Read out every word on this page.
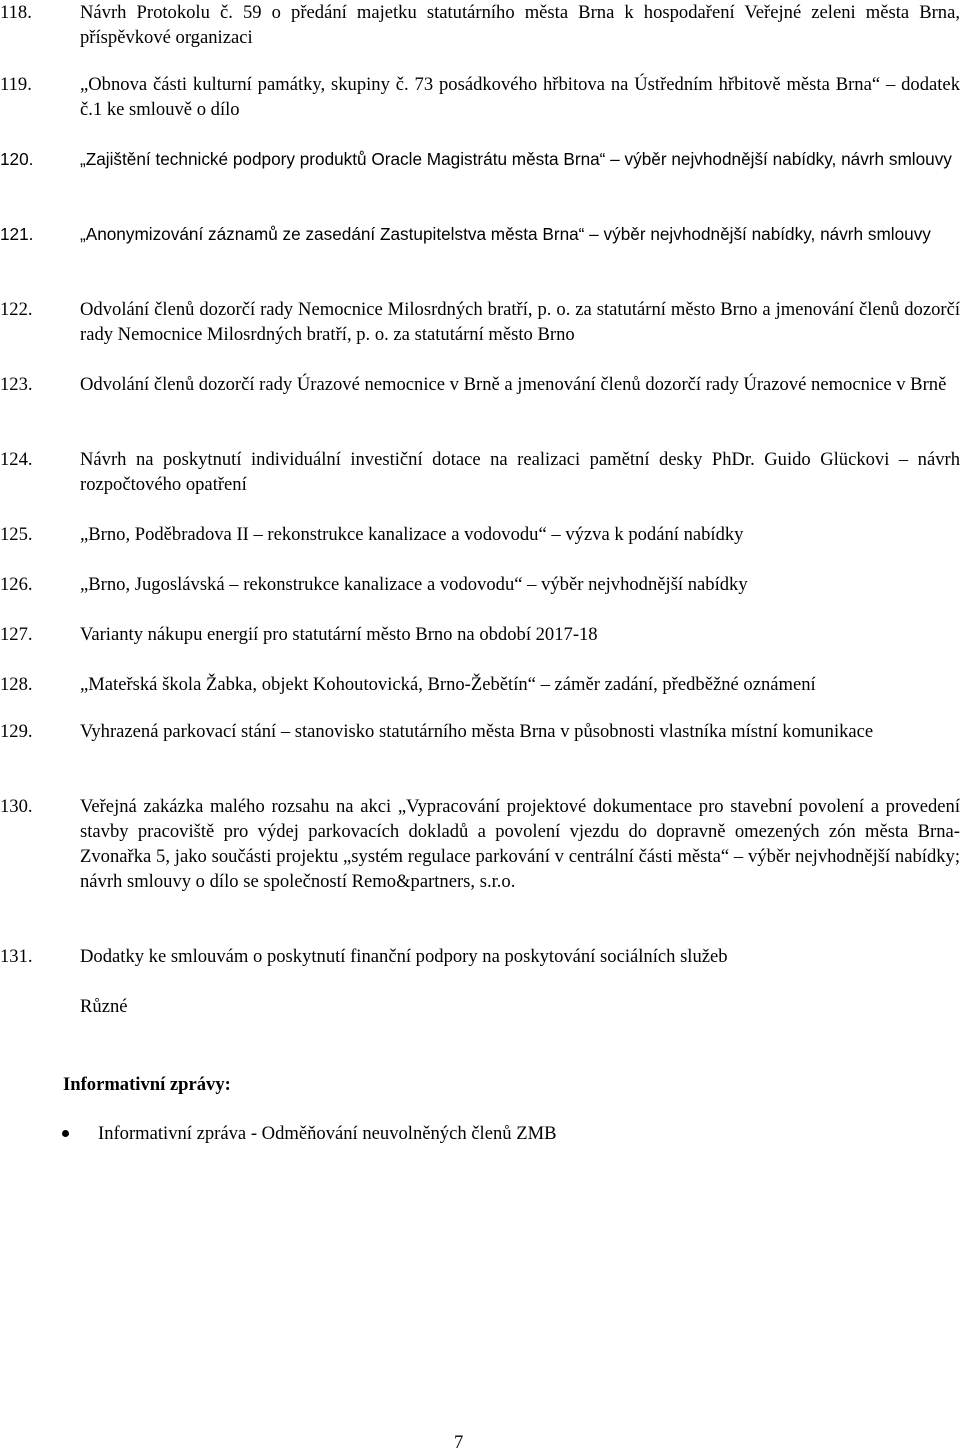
118.	Návrh Protokolu č. 59 o předání majetku statutárního města Brna k hospodaření Veřejné zeleni města Brna, příspěvkové organizaci
119.	„Obnova části kulturní památky, skupiny č. 73 posádkového hřbitova na Ústředním hřbitově města Brna“ – dodatek č.1 ke smlouvě o dílo
120.	„Zajištění technické podpory produktů Oracle Magistrátu města Brna“ – výběr nejvhodnější nabídky, návrh smlouvy
121.	„Anonymizování záznamů ze zasedání Zastupitelstva města Brna“ – výběr nejvhodnější nabídky, návrh smlouvy
122.	Odvolání členů dozorčí rady Nemocnice Milosrdných bratří, p. o. za statutární město Brno a jmenování členů dozorčí rady Nemocnice Milosrdných bratří, p. o. za statutární město Brno
123.	Odvolání členů dozorčí rady Úrazové nemocnice v Brně a jmenování členů dozorčí rady Úrazové nemocnice v Brně
124.	Návrh na poskytnutí individuální investiční dotace na realizaci pamětní desky PhDr. Guido Glückovi – návrh rozpočtového opatření
125.	„Brno, Poděbradova II – rekonstrukce kanalizace a vodovodu“ – výzva k podání nabídky
126.	„Brno, Jugoslávská – rekonstrukce kanalizace a vodovodu“ – výběr nejvhodnější nabídky
127.	Varianty nákupu energií pro statutární město Brno na období 2017-18
128.	„Mateřská škola Žabka, objekt Kohoutovická, Brno-Žebětín“ – záměr zadání, předběžné oznámení
129.	Vyhrazená parkovací stání – stanovisko statutárního města Brna v působnosti vlastníka místní komunikace
130.	Veřejná zakázka malého rozsahu na akci „Vypracování projektové dokumentace pro stavební povolení a provedení stavby pracoviště pro výdej parkovacích dokladů a povolení vjezdu do dopravně omezených zón města Brna- Zvonařka 5, jako součásti projektu „systém regulace parkování v centrální části města“ – výběr nejvhodnější nabídky; návrh smlouvy o dílo se společností Remo&partners, s.r.o.
131.	Dodatky ke smlouvám o poskytnutí finanční podpory na poskytování sociálních služeb
Různé
Informativní zprávy:
Informativní zpráva - Odměňování neuvolněných členů ZMB
7
